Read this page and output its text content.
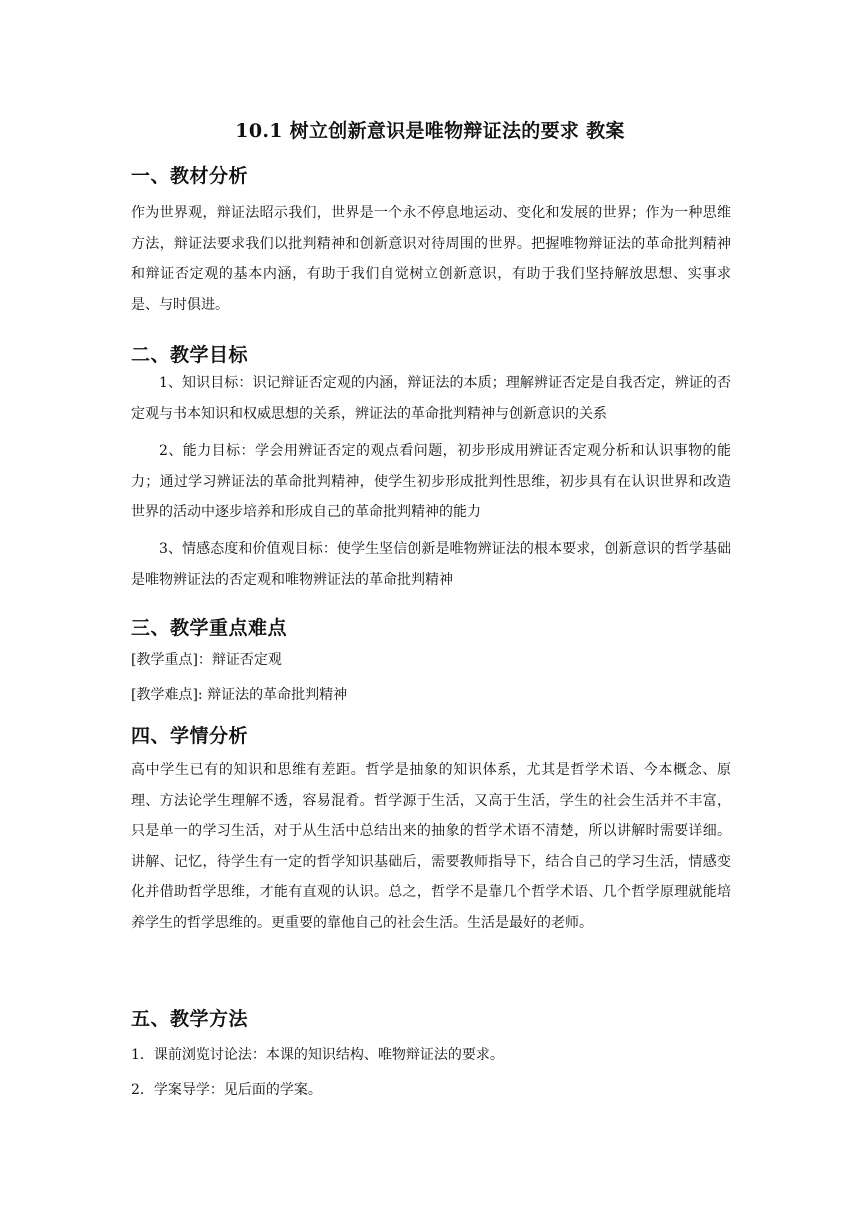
10.1 树立创新意识是唯物辩证法的要求 教案
一、教材分析
作为世界观，辩证法昭示我们，世界是一个永不停息地运动、变化和发展的世界；作为一种思维方法，辩证法要求我们以批判精神和创新意识对待周围的世界。把握唯物辩证法的革命批判精神和辩证否定观的基本内涵，有助于我们自觉树立创新意识，有助于我们坚持解放思想、实事求是、与时俱进。
二、教学目标
1、知识目标：识记辩证否定观的内涵，辩证法的本质；理解辨证否定是自我否定，辨证的否定观与书本知识和权威思想的关系，辨证法的革命批判精神与创新意识的关系
2、能力目标：学会用辨证否定的观点看问题，初步形成用辨证否定观分析和认识事物的能力；通过学习辨证法的革命批判精神，使学生初步形成批判性思维，初步具有在认识世界和改造世界的活动中逐步培养和形成自己的革命批判精神的能力
3、情感态度和价值观目标：使学生坚信创新是唯物辨证法的根本要求，创新意识的哲学基础是唯物辨证法的否定观和唯物辨证法的革命批判精神
三、教学重点难点
[教学重点]：辩证否定观
[教学难点]: 辩证法的革命批判精神
四、学情分析
高中学生已有的知识和思维有差距。哲学是抽象的知识体系，尤其是哲学术语、今本概念、原理、方法论学生理解不透，容易混肴。哲学源于生活，又高于生活，学生的社会生活并不丰富，只是单一的学习生活，对于从生活中总结出来的抽象的哲学术语不清楚，所以讲解时需要详细。讲解、记忆，待学生有一定的哲学知识基础后，需要教师指导下，结合自己的学习生活，情感变化并借助哲学思维，才能有直观的认识。总之，哲学不是靠几个哲学术语、几个哲学原理就能培养学生的哲学思维的。更重要的靠他自己的社会生活。生活是最好的老师。
五、教学方法
1．课前浏览讨论法：本课的知识结构、唯物辩证法的要求。
2．学案导学：见后面的学案。
